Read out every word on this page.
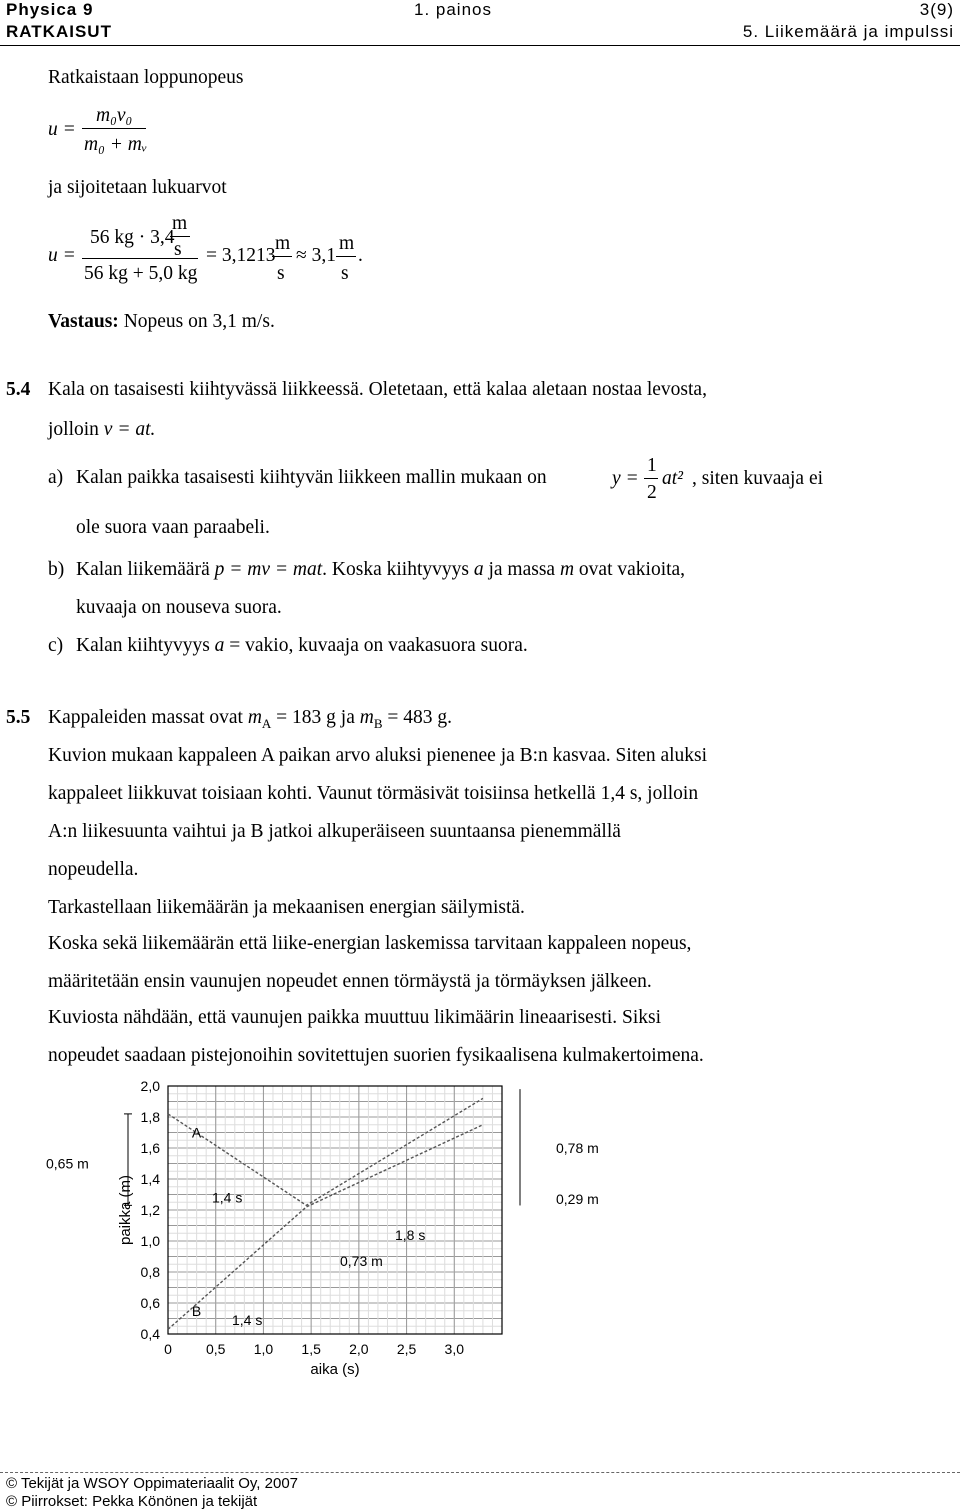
Physica 9	1. painos	3(9)
RATKAISUT	5. Liikemäärä ja impulssi
Ratkaistaan loppunopeus
u =
m₀v₀
m₀ + mᵥ
ja sijoitetaan lukuarvot
u =
56 kg · 3,4
m
s
56 kg + 5,0 kg
= 3,1213
m
s
≈ 3,1
m
s
.
Vastaus: Nopeus on 3,1 m/s.
5.4 Kala on tasaisesti kiihtyvässä liikkeessä. Oletetaan, että kalaa aletaan nostaa levosta,
jolloin v = at.
a) Kalan paikka tasaisesti kiihtyvän liikkeen mallin mukaan on	y =
1
2
at² , siten kuvaaja ei
ole suora vaan paraabeli.
b) Kalan liikemäärä p = mv = mat. Koska kiihtyvyys a ja massa m ovat vakioita,
kuvaaja on nouseva suora.
c) Kalan kiihtyvyys a = vakio, kuvaaja on vaakasuora suora.
5.5 Kappaleiden massat ovat $m_A = 183$ g ja $m_B = 483$ g.
Kuvion mukaan kappaleen A paikan arvo aluksi pienenee ja B:n kasvaa. Siten aluksi
kappaleet liikkuvat toisiaan kohti. Vaunut törmäsivät toisiinsa hetkellä 1,4 s, jolloin
A:n liikesuunta vaihtui ja B jatkoi alkuperäiseen suuntaansa pienemmällä
nopeudella.
Tarkastellaan liikemäärän ja mekaanisen energian säilymistä.
Koska sekä liikemäärän että liike-energian laskemissa tarvitaan kappaleen nopeus,
määritetään ensin vaunujen nopeudet ennen törmäystä ja törmäyksen jälkeen.
Kuviosta nähdään, että vaunujen paikka muuttuu likimäärin lineaarisesti. Siksi
nopeudet saadaan pistejonoihin sovitettujen suorien fysikaalisena kulmakertoimena.
0,4
0,6
0,8
1,0
1,2
1,4
1,6
1,8
2,0
0 0,5 1,0 1,5 2,0 2,5 3,0
A
B
0,65 m
1,4 s
0,78 m
0,29 m
1,8 s
0,73 m
1,4 s
aika (s)
paikka (m)
© Tekijät ja WSOY Oppimateriaalit Oy, 2007
© Piirrokset: Pekka Könönen ja tekijät
